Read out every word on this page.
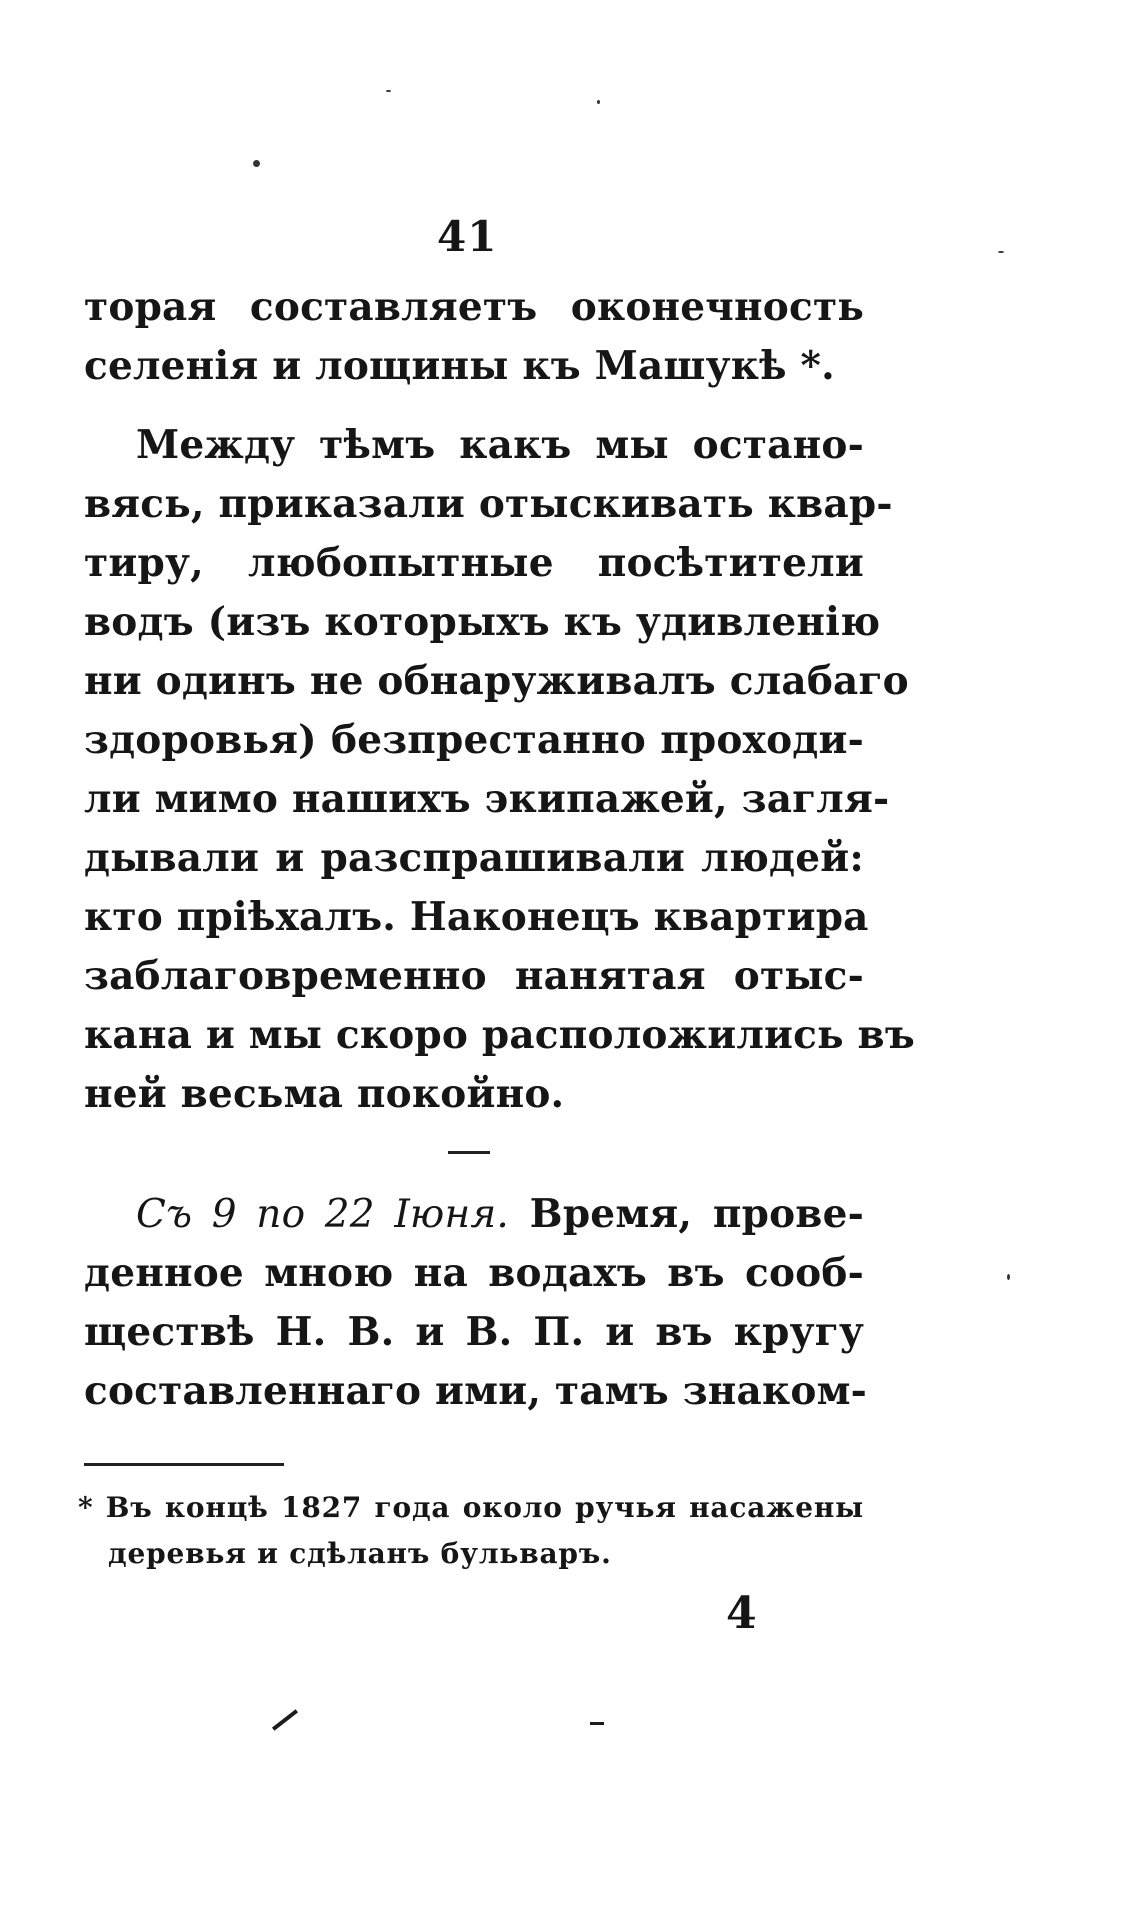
41
торая составляетъ оконечность
селенія и лощины къ Машукѣ *.
Между тѣмъ какъ мы остано-
вясь, приказали отыскивать квар-
тиру, любопытные посѣтители
водъ (изъ которыхъ къ удивленію
ни одинъ не обнаруживалъ слабаго
здоровья) безпрестанно проходи-
ли мимо нашихъ экипажей, загля-
дывали и разспрашивали людей:
кто пріѣхалъ. Наконецъ квартира
заблаговременно нанятая отыс-
кана и мы скоро расположились въ
ней весьма покойно.
Съ 9 по 22 Іюня. Время, прове-
денное мною на водахъ въ сооб-
ществѣ Н. В. и В. П. и въ кругу
составленнаго ими, тамъ знаком-
* Въ концѣ 1827 года около ручья насажены
деревья и сдѣланъ бульваръ.
4
